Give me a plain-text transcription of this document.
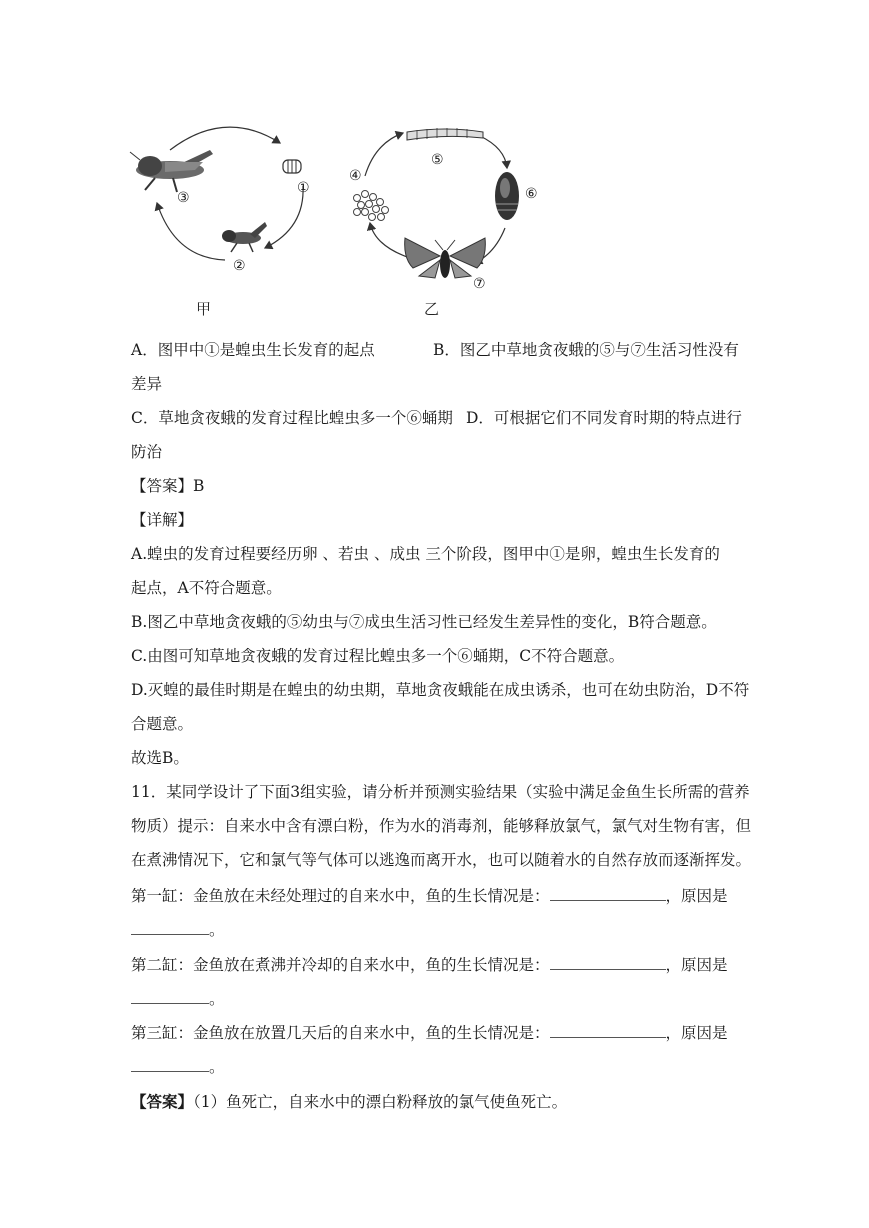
③
①
②
甲
⑤
④
⑥
⑦
乙
A．图甲中①是蝗虫生长发育的起点	B．图乙中草地贪夜蛾的⑤与⑦生活习性没有
差异
C．草地贪夜蛾的发育过程比蝗虫多一个⑥蛹期 D．可根据它们不同发育时期的特点进行
防治
【答案】B
【详解】
A.蝗虫的发育过程要经历卵 、若虫 、成虫 三个阶段，图甲中①是卵，蝗虫生长发育的
起点，A不符合题意。
B.图乙中草地贪夜蛾的⑤幼虫与⑦成虫生活习性已经发生差异性的变化，B符合题意。
C.由图可知草地贪夜蛾的发育过程比蝗虫多一个⑥蛹期，C不符合题意。
D.灭蝗的最佳时期是在蝗虫的幼虫期，草地贪夜蛾能在成虫诱杀，也可在幼虫防治，D不符
合题意。
故选B。
11．某同学设计了下面3组实验，请分析并预测实验结果（实验中满足金鱼生长所需的营养
物质）提示：自来水中含有漂白粉，作为水的消毒剂，能够释放氯气，氯气对生物有害，但
在煮沸情况下，它和氯气等气体可以逃逸而离开水，也可以随着水的自然存放而逐渐挥发。
第一缸：金鱼放在未经处理过的自来水中，鱼的生长情况是：	，原因是
。
第二缸：金鱼放在煮沸并冷却的自来水中，鱼的生长情况是：	，原因是
。
第三缸：金鱼放在放置几天后的自来水中，鱼的生长情况是：	，原因是
。
【答案】（1）鱼死亡，自来水中的漂白粉释放的氯气使鱼死亡。
